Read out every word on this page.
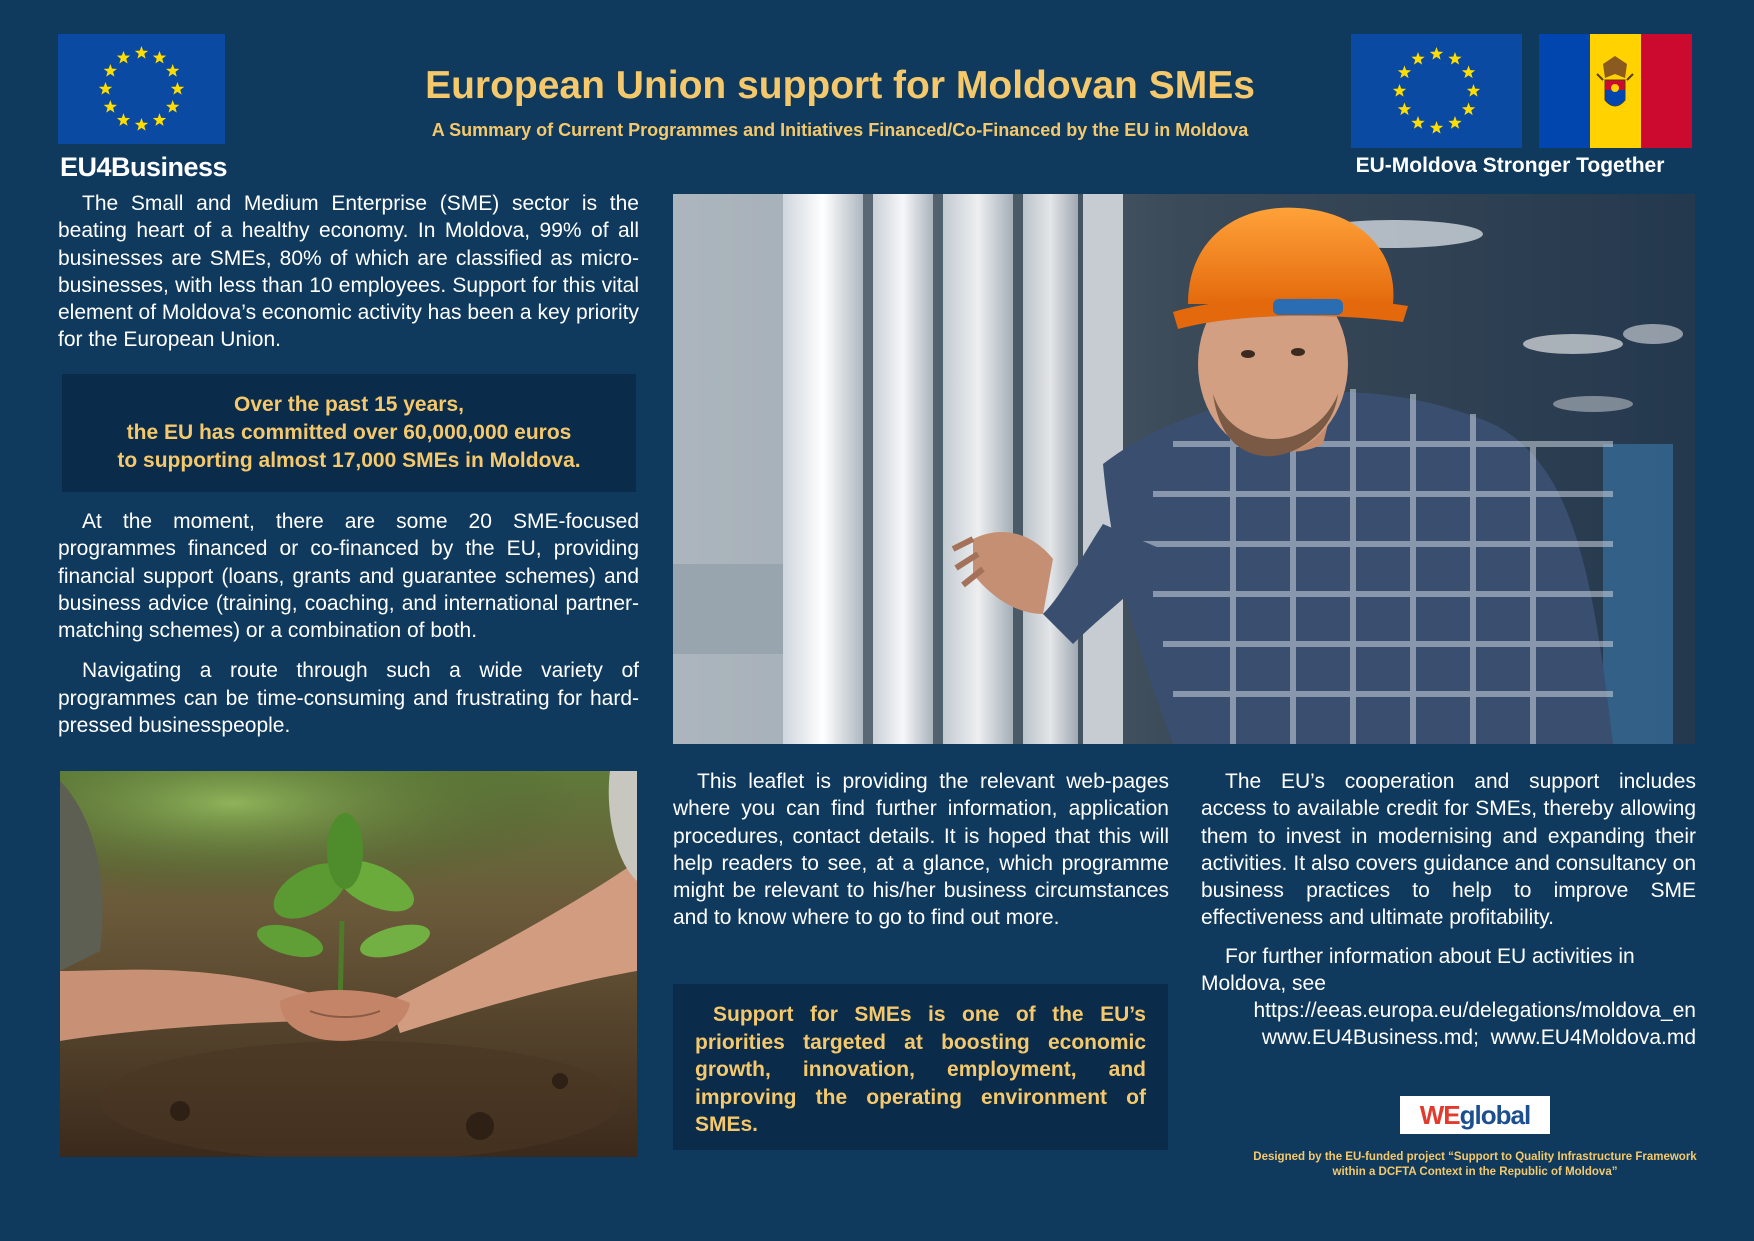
EU4Business
European Union support for Moldovan SMEs
A Summary of Current Programmes and Initiatives Financed/Co-Financed by the EU in Moldova
EU-Moldova Stronger Together

The Small and Medium Enterprise (SME) sector is the beating heart of a healthy economy. In Moldova, 99% of all businesses are SMEs, 80% of which are classified as micro-businesses, with less than 10 employees. Support for this vital element of Moldova’s economic activity has been a key priority for the European Union.

Over the past 15 years,
the EU has committed over 60,000,000 euros
to supporting almost 17,000 SMEs in Moldova.

At the moment, there are some 20 SME-focused programmes financed or co-financed by the EU, providing financial support (loans, grants and guarantee schemes) and business advice (training, coaching, and international partner-matching schemes) or a combination of both.

Navigating a route through such a wide variety of programmes can be time-consuming and frustrating for hard-pressed businesspeople.

This leaflet is providing the relevant web-pages where you can find further information, application procedures, contact details. It is hoped that this will help readers to see, at a glance, which programme might be relevant to his/her business circumstances and to know where to go to find out more.

Support for SMEs is one of the EU’s priorities targeted at boosting economic growth, innovation, employment, and improving the operating environment of SMEs.

The EU’s cooperation and support includes access to available credit for SMEs, thereby allowing them to invest in modernising and expanding their activities. It also covers guidance and consultancy on business practices to help to improve SME effectiveness and ultimate profitability.

For further information about EU activities in Moldova, see

https://eeas.europa.eu/delegations/moldova_en
www.EU4Business.md;  www.EU4Moldova.md
WE global
Designed by the EU-funded project “Support to Quality Infrastructure Framework
within a DCFTA Context in the Republic of Moldova”
